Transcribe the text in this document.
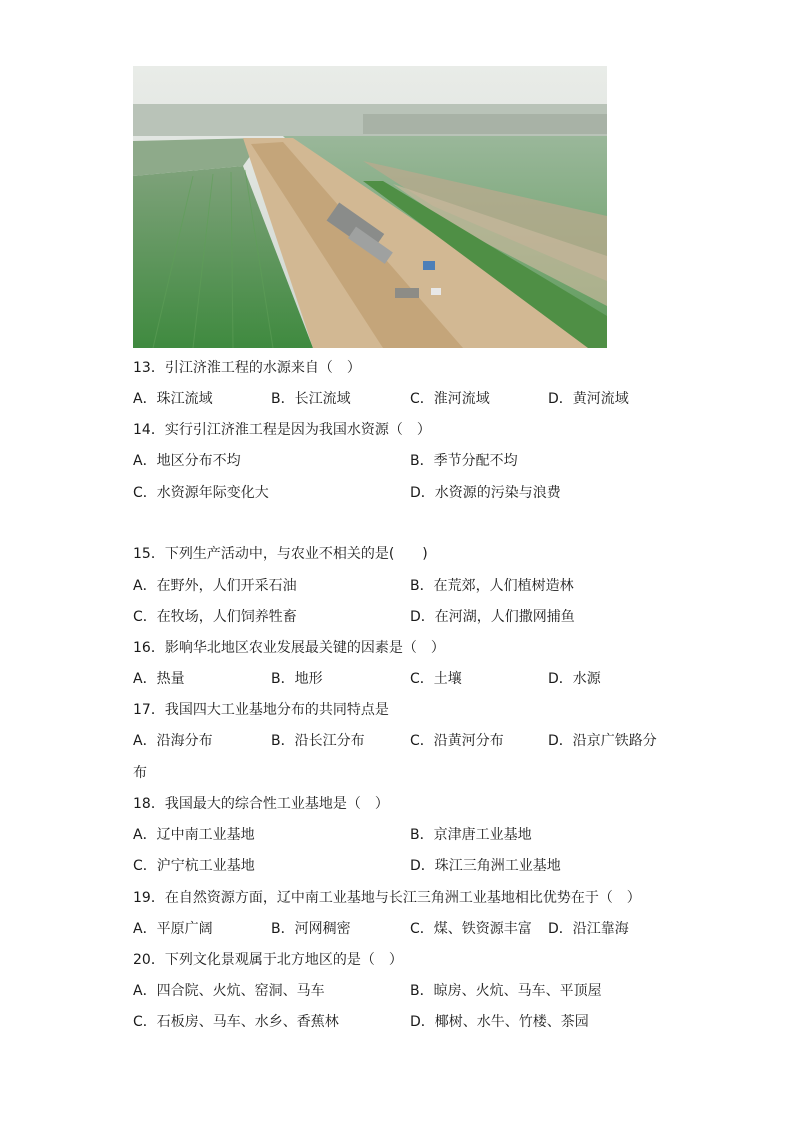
13．引江济淮工程的水源来自（　）
A．珠江流域	B．长江流域	C．淮河流域	D．黄河流域
14．实行引江济淮工程是因为我国水资源（　）
A．地区分布不均	B．季节分配不均
C．水资源年际变化大	D．水资源的污染与浪费
15．下列生产活动中，与农业不相关的是(　　)
A．在野外，人们开采石油	B．在荒郊，人们植树造林
C．在牧场，人们饲养牲畜	D．在河湖，人们撒网捕鱼
16．影响华北地区农业发展最关键的因素是（　）
A．热量	B．地形	C．土壤	D．水源
17．我国四大工业基地分布的共同特点是
A．沿海分布	B．沿长江分布	C．沿黄河分布	D．沿京广铁路分
布
18．我国最大的综合性工业基地是（　）
A．辽中南工业基地	B．京津唐工业基地
C．沪宁杭工业基地	D．珠江三角洲工业基地
19．在自然资源方面，辽中南工业基地与长江三角洲工业基地相比优势在于（　）
A．平原广阔	B．河网稠密	C．煤、铁资源丰富 D．沿江靠海
20．下列文化景观属于北方地区的是（　）
A．四合院、火炕、窑洞、马车	B．晾房、火炕、马车、平顶屋
C．石板房、马车、水乡、香蕉林	D．椰树、水牛、竹楼、茶园
